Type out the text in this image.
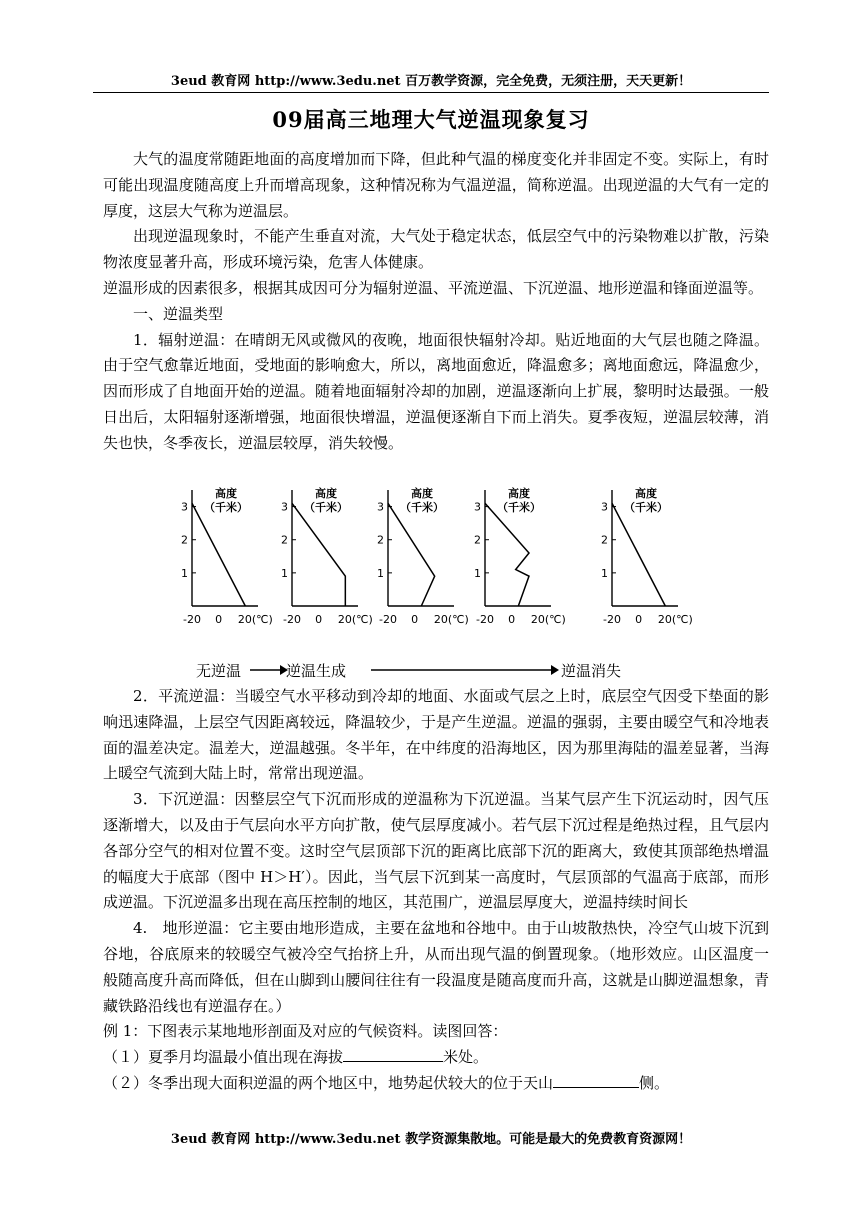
3eud 教育网 http://www.3edu.net 百万教学资源，完全免费，无须注册，天天更新！
09届高三地理大气逆温现象复习

大气的温度常随距地面的高度增加而下降，但此种气温的梯度变化并非固定不变。实际上，有时可能出现温度随高度上升而增高现象，这种情况称为气温逆温，简称逆温。出现逆温的大气有一定的厚度，这层大气称为逆温层。

出现逆温现象时，不能产生垂直对流，大气处于稳定状态，低层空气中的污染物难以扩散，污染物浓度显著升高，形成环境污染，危害人体健康。

逆温形成的因素很多，根据其成因可分为辐射逆温、平流逆温、下沉逆温、地形逆温和锋面逆温等。

一、逆温类型

1．辐射逆温：在晴朗无风或微风的夜晚，地面很快辐射冷却。贴近地面的大气层也随之降温。由于空气愈靠近地面，受地面的影响愈大，所以，离地面愈近，降温愈多；离地面愈远，降温愈少，因而形成了自地面开始的逆温。随着地面辐射冷却的加剧，逆温逐渐向上扩展，黎明时达最强。一般日出后，太阳辐射逐渐增强，地面很快增温，逆温便逐渐自下而上消失。夏季夜短，逆温层较薄，消失也快，冬季夜长，逆温层较厚，消失较慢。

高度（千米）
1
2
3
-20 0 20(℃)
高度（千米）
1
2
3
-20 0 20(℃)
高度（千米）
1
2
3
-20 0 20(℃)
高度（千米）
1
2
3
-20 0 20(℃)
高度（千米）
1
2
3
-20 0 20(℃)
无逆温	逆温生成	逆温消失

2．平流逆温：当暖空气水平移动到冷却的地面、水面或气层之上时，底层空气因受下垫面的影响迅速降温，上层空气因距离较远，降温较少，于是产生逆温。逆温的强弱，主要由暖空气和冷地表面的温差决定。温差大，逆温越强。冬半年，在中纬度的沿海地区，因为那里海陆的温差显著，当海上暖空气流到大陆上时，常常出现逆温。

3．下沉逆温：因整层空气下沉而形成的逆温称为下沉逆温。当某气层产生下沉运动时，因气压逐渐增大，以及由于气层向水平方向扩散，使气层厚度减小。若气层下沉过程是绝热过程，且气层内各部分空气的相对位置不变。这时空气层顶部下沉的距离比底部下沉的距离大，致使其顶部绝热增温的幅度大于底部（图中 H＞H′）。因此，当气层下沉到某一高度时，气层顶部的气温高于底部，而形成逆温。下沉逆温多出现在高压控制的地区，其范围广，逆温层厚度大，逆温持续时间长

4.　地形逆温：它主要由地形造成，主要在盆地和谷地中。由于山坡散热快，冷空气山坡下沉到谷地，谷底原来的较暖空气被冷空气抬挤上升，从而出现气温的倒置现象。（地形效应。山区温度一般随高度升高而降低，但在山脚到山腰间往往有一段温度是随高度而升高，这就是山脚逆温想象，青藏铁路沿线也有逆温存在。）

例 1：下图表示某地地形剖面及对应的气候资料。读图回答：

（１）夏季月均温最小值出现在海拔	米处。

（２）冬季出现大面积逆温的两个地区中，地势起伏较大的位于天山	侧。

3eud 教育网 http://www.3edu.net 教学资源集散地。可能是最大的免费教育资源网！
